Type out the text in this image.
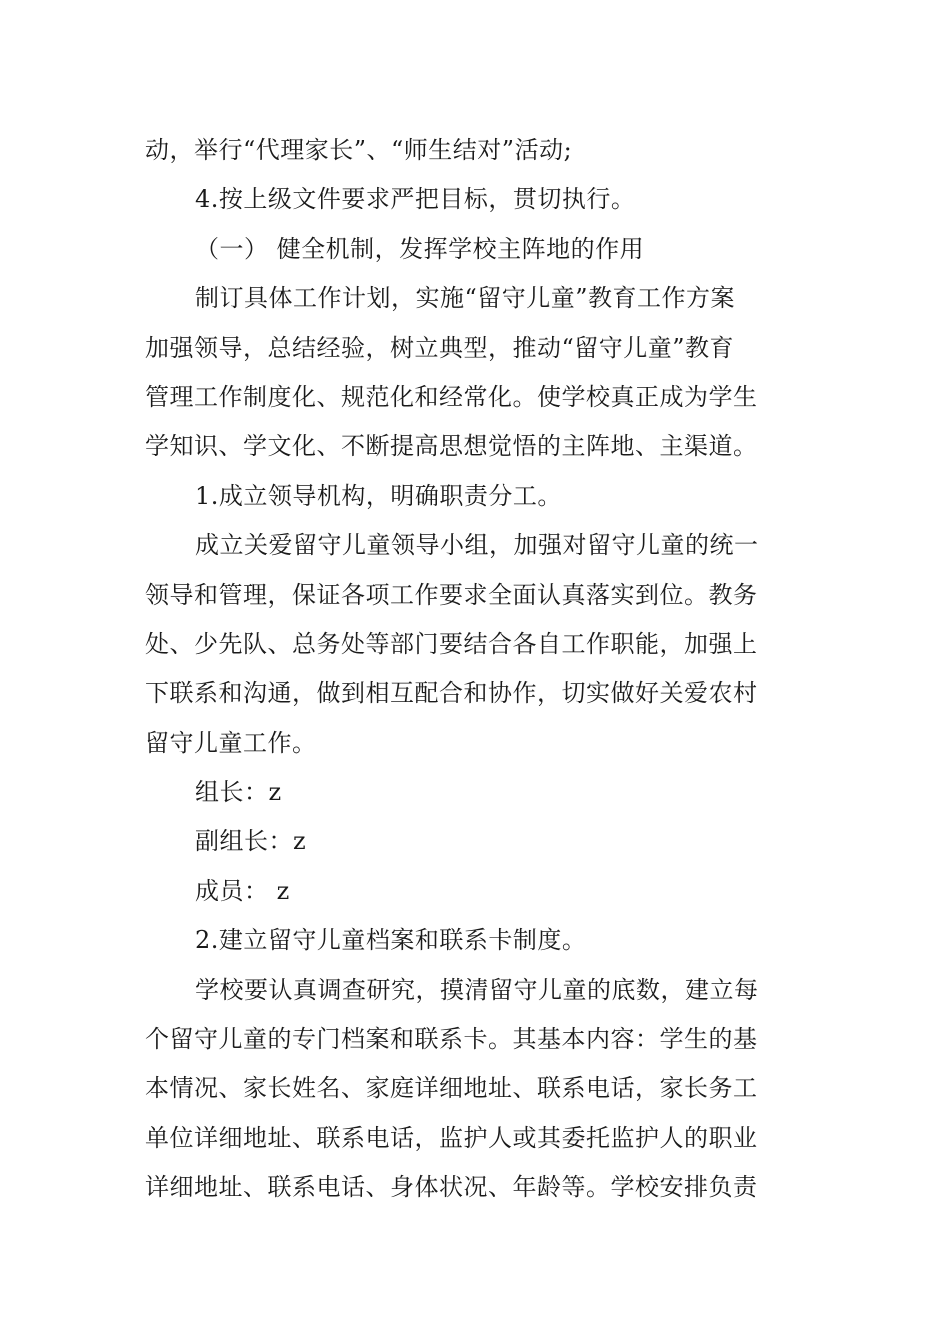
动，举行“代理家长”、“师生结对”活动;
4.按上级文件要求严把目标，贯切执行。
（一） 健全机制，发挥学校主阵地的作用
制订具体工作计划，实施“留守儿童”教育工作方案
加强领导，总结经验，树立典型，推动“留守儿童”教育
管理工作制度化、规范化和经常化。使学校真正成为学生
学知识、学文化、不断提高思想觉悟的主阵地、主渠道。
1.成立领导机构，明确职责分工。
成立关爱留守儿童领导小组，加强对留守儿童的统一
领导和管理，保证各项工作要求全面认真落实到位。教务
处、少先队、总务处等部门要结合各自工作职能，加强上
下联系和沟通，做到相互配合和协作，切实做好关爱农村
留守儿童工作。
组长：z
副组长：z
成员： z
2.建立留守儿童档案和联系卡制度。
学校要认真调查研究，摸清留守儿童的底数，建立每
个留守儿童的专门档案和联系卡。其基本内容：学生的基
本情况、家长姓名、家庭详细地址、联系电话，家长务工
单位详细地址、联系电话，监护人或其委托监护人的职业
详细地址、联系电话、身体状况、年龄等。学校安排负责
